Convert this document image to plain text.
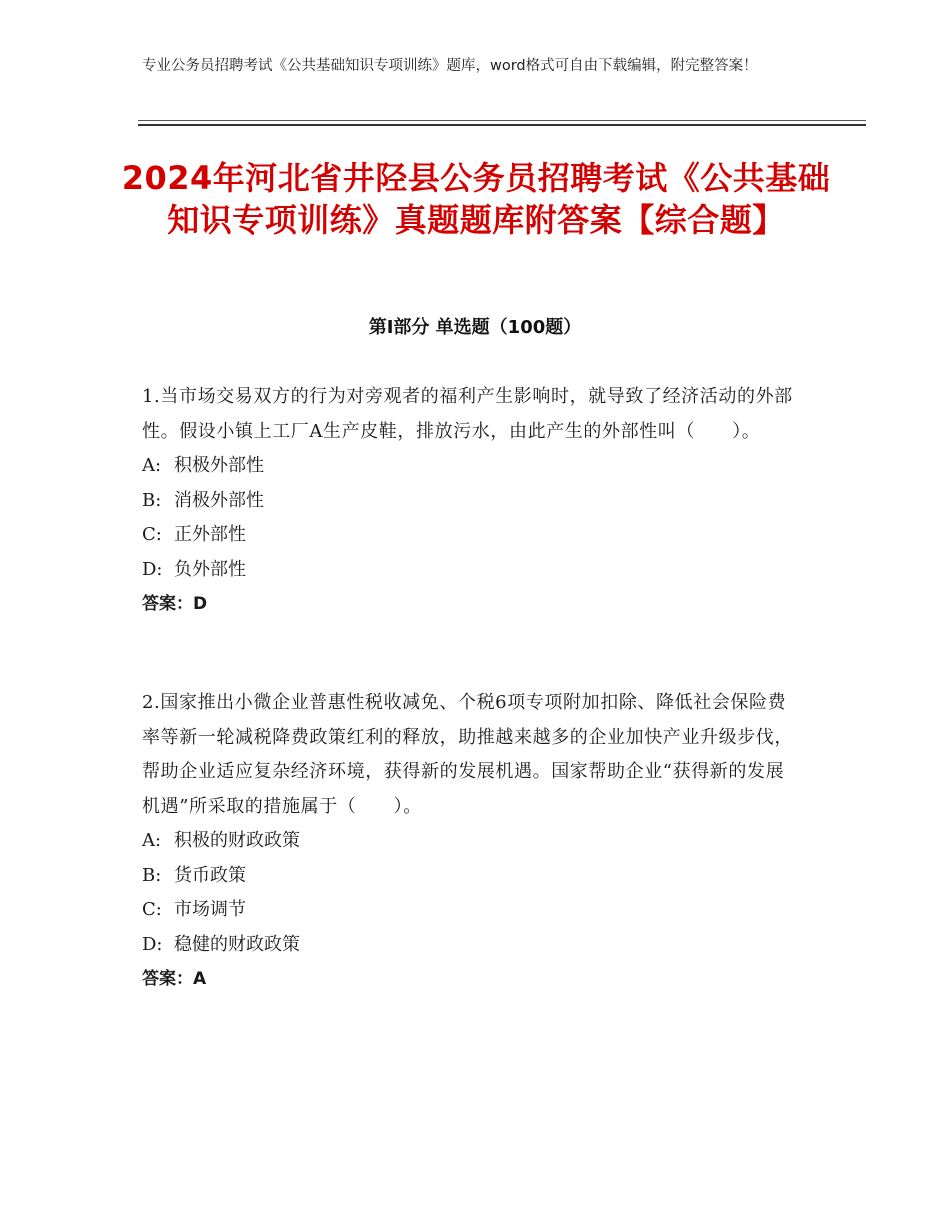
专业公务员招聘考试《公共基础知识专项训练》题库，word格式可自由下载编辑，附完整答案！
2024年河北省井陉县公务员招聘考试《公共基础知识专项训练》真题题库附答案【综合题】
第Ⅰ部分 单选题（100题）

1.当市场交易双方的行为对旁观者的福利产生影响时，就导致了经济活动的外部性。假设小镇上工厂A生产皮鞋，排放污水，由此产生的外部性叫（　　）。

A: 积极外部性

B: 消极外部性

C: 正外部性

D: 负外部性

答案：D

2.国家推出小微企业普惠性税收减免、个税6项专项附加扣除、降低社会保险费率等新一轮减税降费政策红利的释放，助推越来越多的企业加快产业升级步伐，帮助企业适应复杂经济环境，获得新的发展机遇。国家帮助企业“获得新的发展机遇”所采取的措施属于（　　）。

A: 积极的财政政策

B: 货币政策

C: 市场调节

D: 稳健的财政政策

答案：A
